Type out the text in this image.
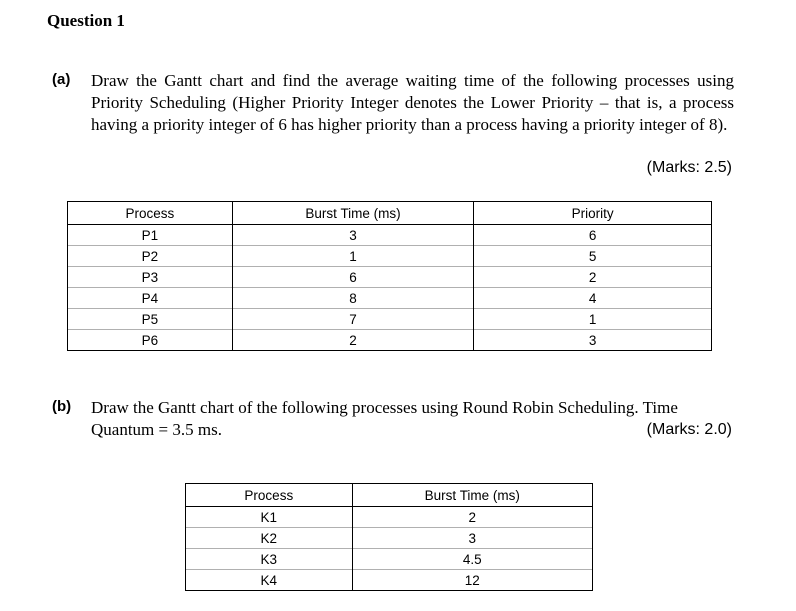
Question 1
(a) Draw the Gantt chart and find the average waiting time of the following processes using Priority Scheduling (Higher Priority Integer denotes the Lower Priority – that is, a process having a priority integer of 6 has higher priority than a process having a priority integer of 8).
(Marks: 2.5)
Process	Burst Time (ms)	Priority
P1	3	6
P2	1	5
P3	6	2
P4	8	4
P5	7	1
P6	2	3
(b) Draw the Gantt chart of the following processes using Round Robin Scheduling. Time Quantum = 3.5 ms.	(Marks: 2.0)
Process	Burst Time (ms)
K1	2
K2	3
K3	4.5
K4	12
